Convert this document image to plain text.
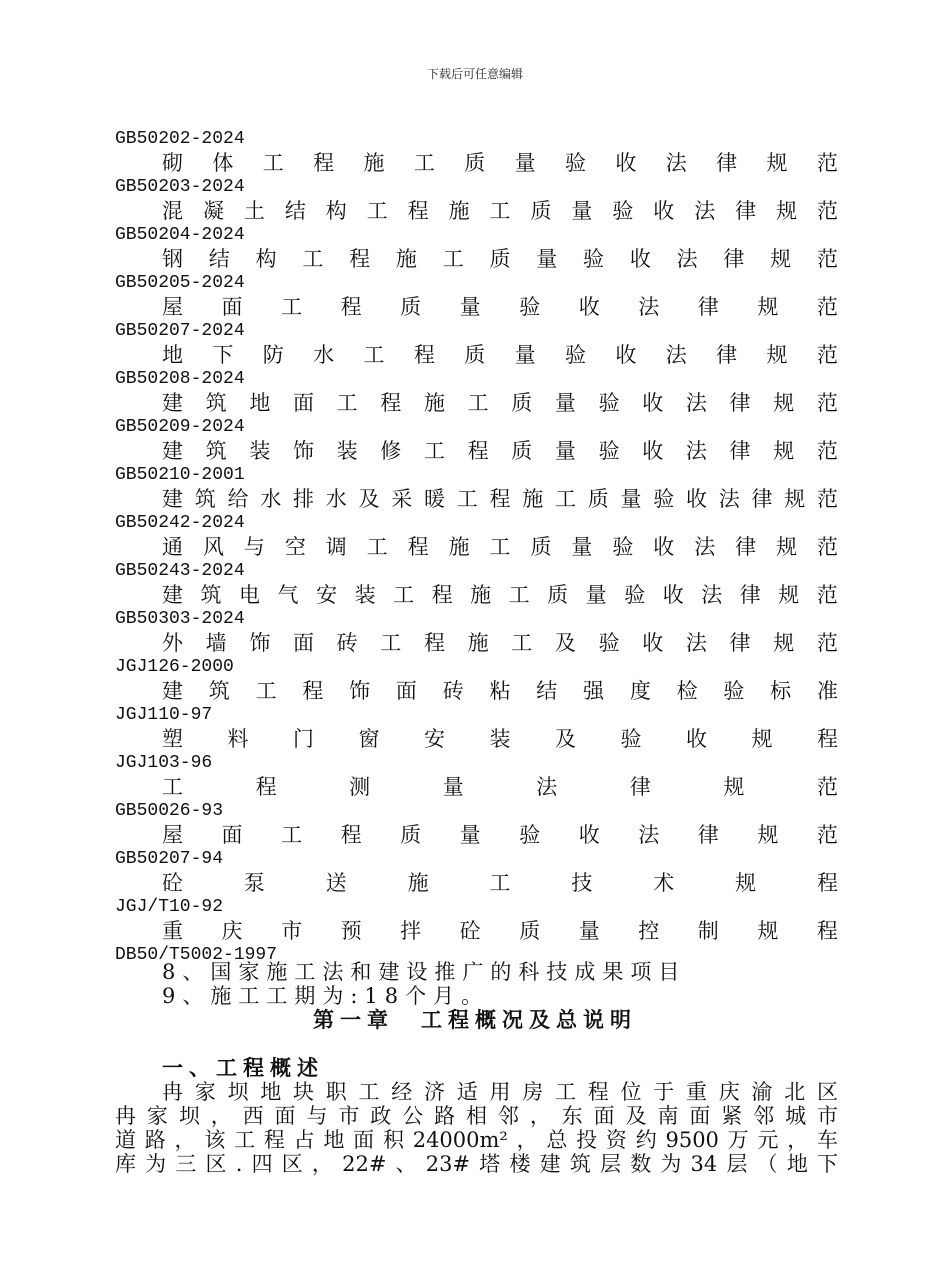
下载后可任意编辑
GB50202-2024
砌 体 工 程 施 工 质 量 验 收 法 律 规 范
GB50203-2024
混 凝 土 结 构 工 程 施 工 质 量 验 收 法 律 规 范
GB50204-2024
钢 结 构 工 程 施 工 质 量 验 收 法 律 规 范
GB50205-2024
屋 面 工 程 质 量 验 收 法 律 规 范
GB50207-2024
地 下 防 水 工 程 质 量 验 收 法 律 规 范
GB50208-2024
建 筑 地 面 工 程 施 工 质 量 验 收 法 律 规 范
GB50209-2024
建 筑 装 饰 装 修 工 程 质 量 验 收 法 律 规 范
GB50210-2001
建 筑 给 水 排 水 及 采 暖 工 程 施 工 质 量 验 收 法 律 规 范
GB50242-2024
通 风 与 空 调 工 程 施 工 质 量 验 收 法 律 规 范
GB50243-2024
建 筑 电 气 安 装 工 程 施 工 质 量 验 收 法 律 规 范
GB50303-2024
外 墙 饰 面 砖 工 程 施 工 及 验 收 法 律 规 范
JGJ126-2000
建 筑 工 程 饰 面 砖 粘 结 强 度 检 验 标 准
JGJ110-97
塑 料 门 窗 安 装 及 验 收 规 程
JGJ103-96
工	程	测	量	法	律	规	范
GB50026-93
屋 面 工 程 质 量 验 收 法 律 规 范
GB50207-94
砼	泵	送	施	工	技	术	规	程
JGJ/T10-92
重 庆 市 预 拌 砼 质 量 控 制 规 程
DB50/T5002-1997
8、国家施工法和建设推广的科技成果项目
9、施工工期为:18个月。
第一章　工程概况及总说明
一、工程概述
冉家坝地块职工经济适用房工程位于重庆渝北区
冉家坝，西面与市政公路相邻，东面及南面紧邻城市
道路，该工程占地面积24000m²，总投资约9500万元，车
库为三区.四区，22#、23#塔楼建筑层数为34层（地下
